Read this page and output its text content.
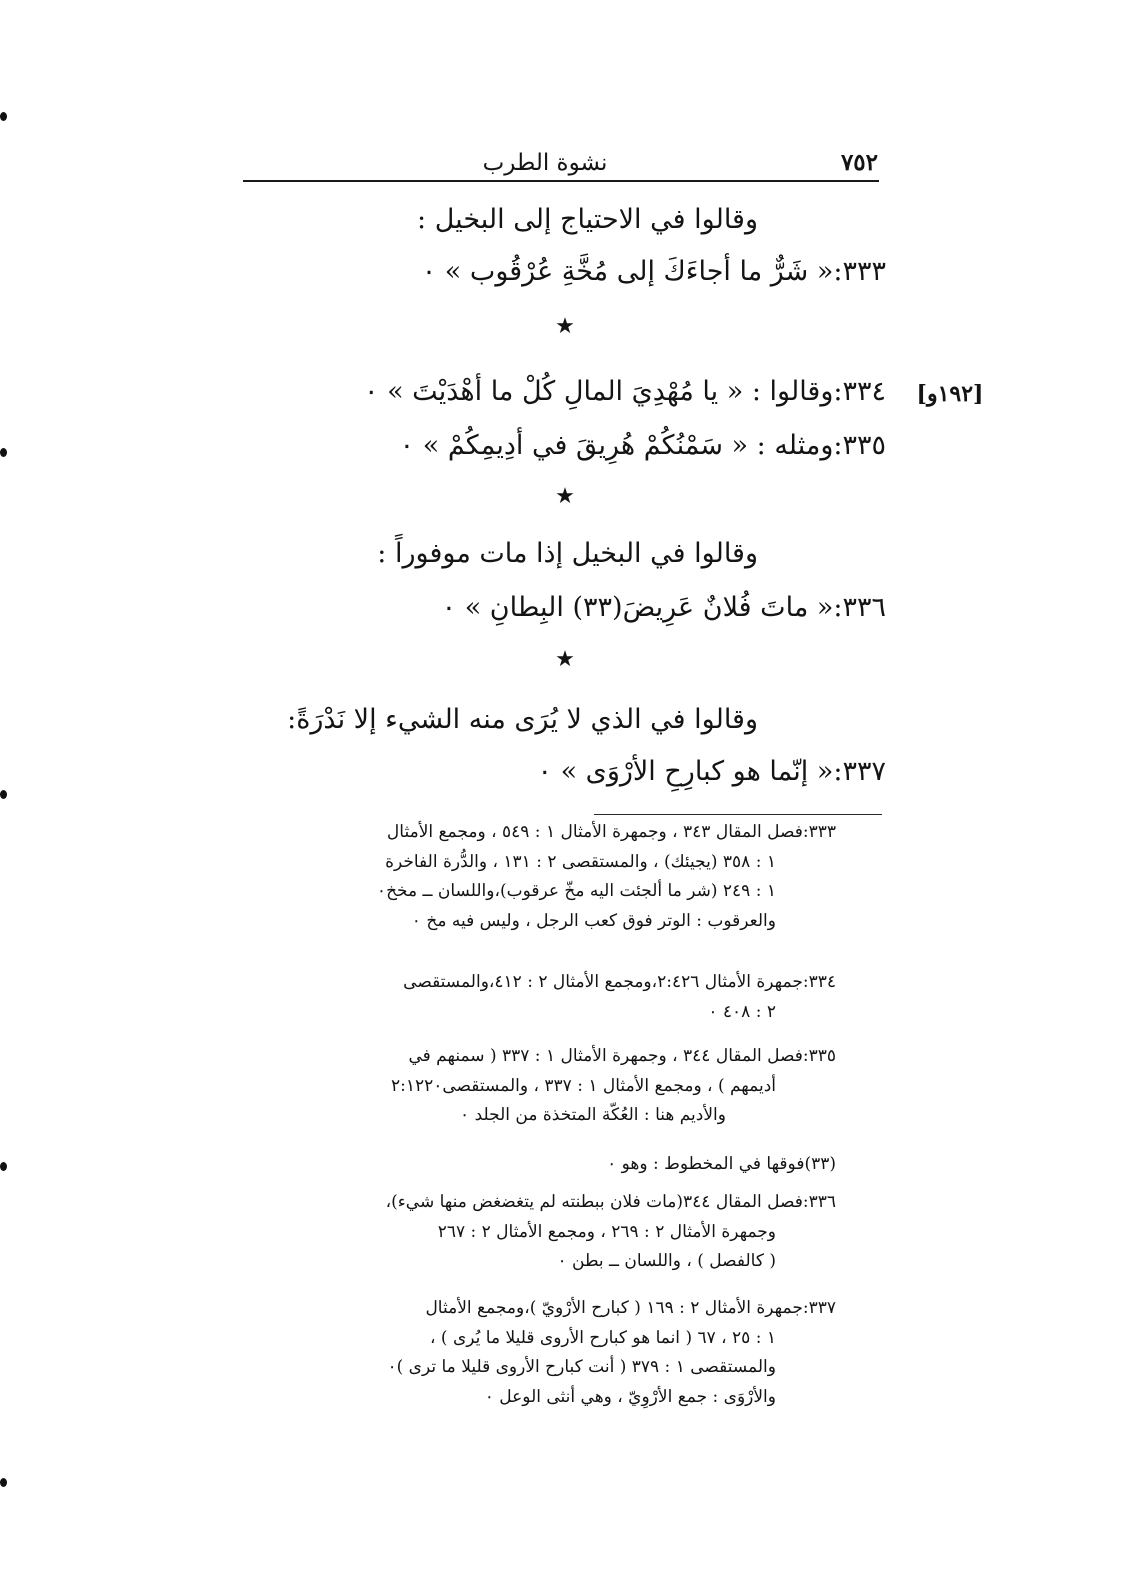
٧٥٢
نشوة الطرب
[١٩٢و]
وقالوا في الاحتياج إلى البخيل :
٣٣٣:« شَرٌّ ما أجاءَكَ إلى مُخَّةِ عُرْقُوب » ٠
★
٣٣٤:وقالوا : « يا مُهْدِيَ المالِ كُلْ ما أهْدَيْتَ » ٠
٣٣٥:ومثله : « سَمْنُكُمْ هُرِيقَ في أدِيمِكُمْ » ٠
★
وقالوا في البخيل إذا مات موفوراً :
٣٣٦:« ماتَ فُلانٌ عَرِيضَ(٣٣) البِطانِ » ٠
★
وقالوا في الذي لا يُرَى منه الشيء إلا نَدْرَةً:
٣٣٧:« إنّما هو كبارِحِ الأرْوَى » ٠
٣٣٣:فصل المقال ٣٤٣ ، وجمهرة الأمثال ١ : ٥٤٩ ، ومجمع الأمثال
١ : ٣٥٨ (يجيئك) ، والمستقصى ٢ : ١٣١ ، والدُّرة الفاخرة
١ : ٢٤٩ (شر ما ألجئت اليه مخّ عرقوب)،واللسان ــ مخخ٠
والعرقوب : الوتر فوق كعب الرجل ، وليس فيه مخ ٠
٣٣٤:جمهرة الأمثال ٢:٤٢٦،ومجمع الأمثال ٢ : ٤١٢،والمستقصى
٢ : ٤٠٨ ٠
٣٣٥:فصل المقال ٣٤٤ ، وجمهرة الأمثال ١ : ٣٣٧ ( سمنهم في
أديمهم ) ، ومجمع الأمثال ١ : ٣٣٧ ، والمستقصى٢:١٢٢٠
والأديم هنا : العُكّة المتخذة من الجلد ٠
(٣٣)فوقها في المخطوط : وهو ٠
٣٣٦:فصل المقال ٣٤٤(مات فلان ببطنته لم يتغضغض منها شيء)،
وجمهرة الأمثال ٢ : ٢٦٩ ، ومجمع الأمثال ٢ : ٢٦٧
( كالفصل ) ، واللسان ــ بطن ٠
٣٣٧:جمهرة الأمثال ٢ : ١٦٩ ( كبارح الأرْويّ )،ومجمع الأمثال
١ : ٢٥ ، ٦٧ ( انما هو كبارح الأروى قليلا ما يُرى ) ،
والمستقصى ١ : ٣٧٩ ( أنت كبارح الأروى قليلا ما ترى )٠
والأرْوَى : جمع الأرْوِيّ ، وهي أنثى الوعل ٠
